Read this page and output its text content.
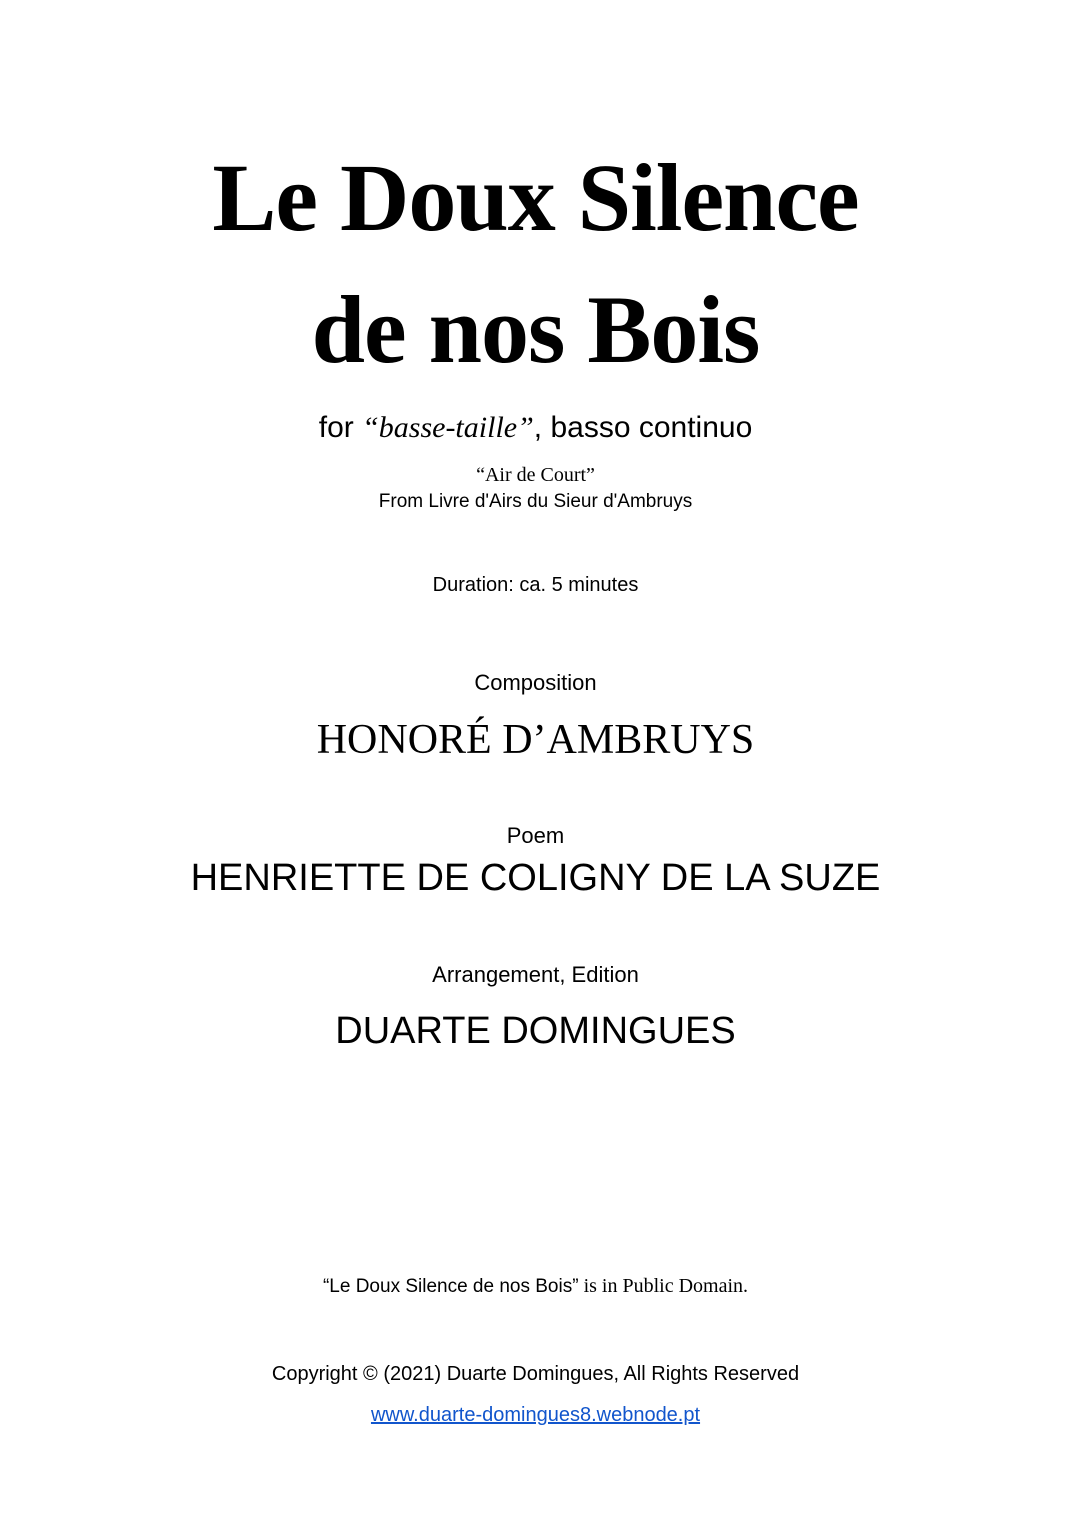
Le Doux Silence
de nos Bois
for “basse-taille”, basso continuo
“Air de Court”
From Livre d'Airs du Sieur d'Ambruys
Duration: ca. 5 minutes
Composition
HONORÉ D’AMBRUYS
Poem
HENRIETTE DE COLIGNY DE LA SUZE
Arrangement, Edition
DUARTE DOMINGUES
“Le Doux Silence de nos Bois” is in Public Domain.
Copyright © (2021) Duarte Domingues, All Rights Reserved
www.duarte-domingues8.webnode.pt
